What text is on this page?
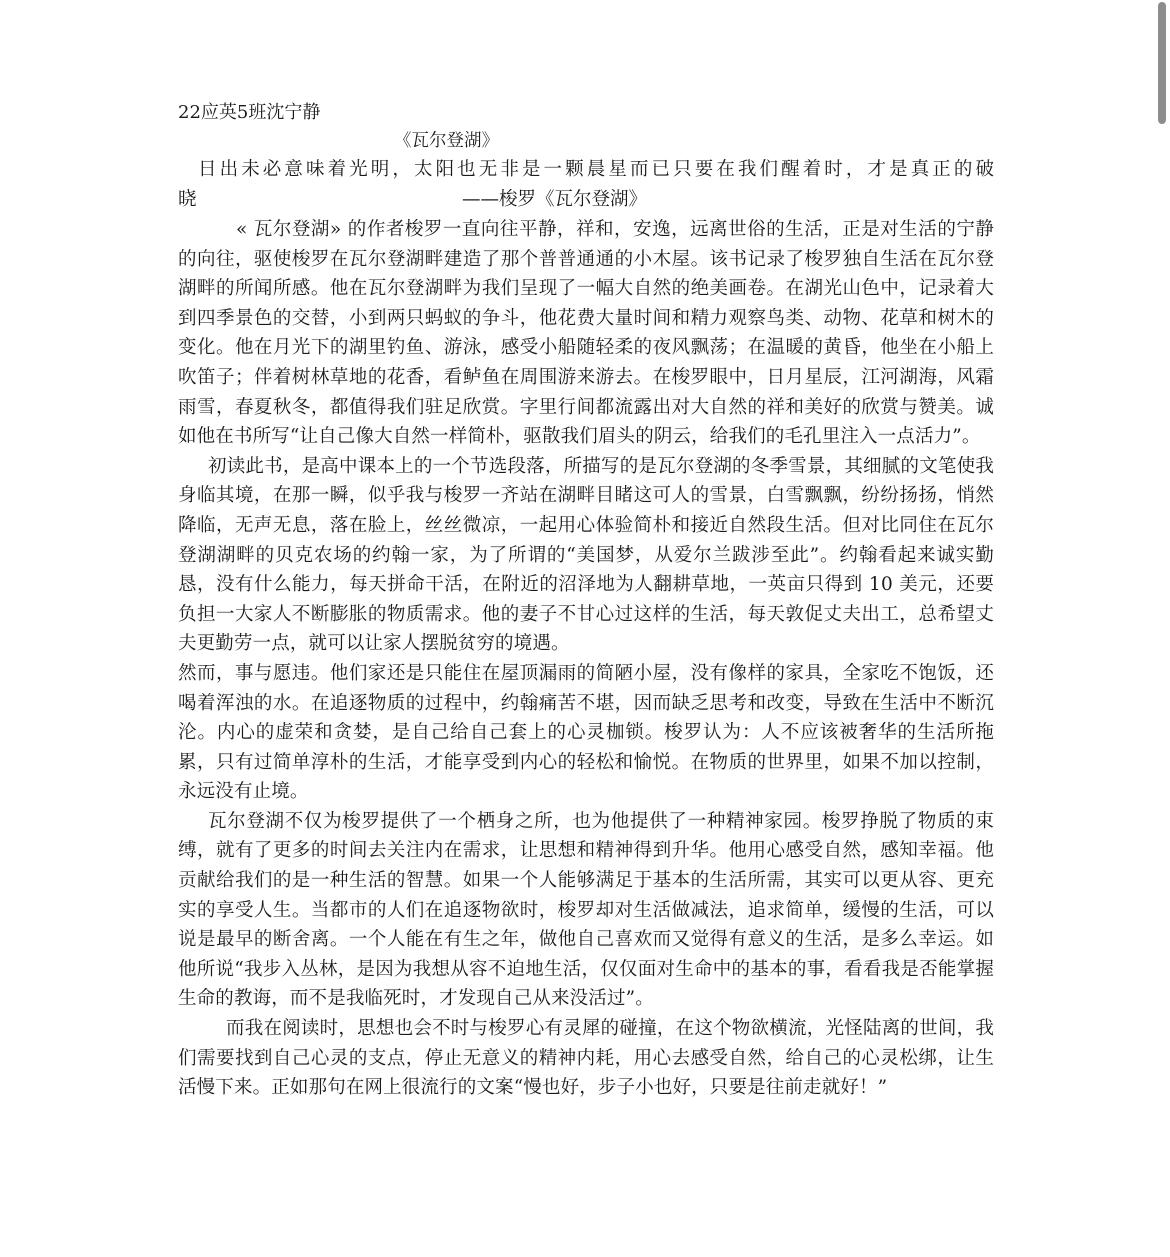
22应英5班沈宁静
《瓦尔登湖》
日出未必意味着光明，太阳也无非是一颗晨星而已只要在我们醒着时，才是真正的破
晓	——梭罗《瓦尔登湖》

« 瓦尔登湖» 的作者梭罗一直向往平静，祥和，安逸，远离世俗的生活，正是对生活的宁静的向往，驱使梭罗在瓦尔登湖畔建造了那个普普通通的小木屋。该书记录了梭罗独自生活在瓦尔登湖畔的所闻所感。他在瓦尔登湖畔为我们呈现了一幅大自然的绝美画卷。在湖光山色中，记录着大到四季景色的交替，小到两只蚂蚁的争斗，他花费大量时间和精力观察鸟类、动物、花草和树木的变化。他在月光下的湖里钓鱼、游泳，感受小船随轻柔的夜风飘荡；在温暖的黄昏，他坐在小船上吹笛子；伴着树林草地的花香，看鲈鱼在周围游来游去。在梭罗眼中，日月星辰，江河湖海，风霜雨雪，春夏秋冬，都值得我们驻足欣赏。字里行间都流露出对大自然的祥和美好的欣赏与赞美。诚如他在书所写“让自己像大自然一样简朴，驱散我们眉头的阴云，给我们的毛孔里注入一点活力”。

初读此书，是高中课本上的一个节选段落，所描写的是瓦尔登湖的冬季雪景，其细腻的文笔使我身临其境，在那一瞬，似乎我与梭罗一齐站在湖畔目睹这可人的雪景，白雪飘飘，纷纷扬扬，悄然降临，无声无息，落在脸上，丝丝微凉，一起用心体验简朴和接近自然段生活。但对比同住在瓦尔登湖湖畔的贝克农场的约翰一家，为了所谓的“美国梦，从爱尔兰跋涉至此”。约翰看起来诚实勤恳，没有什么能力，每天拼命干活，在附近的沼泽地为人翻耕草地，一英亩只得到 10 美元，还要负担一大家人不断膨胀的物质需求。他的妻子不甘心过这样的生活，每天敦促丈夫出工，总希望丈夫更勤劳一点，就可以让家人摆脱贫穷的境遇。

然而，事与愿违。他们家还是只能住在屋顶漏雨的简陋小屋，没有像样的家具，全家吃不饱饭，还喝着浑浊的水。在追逐物质的过程中，约翰痛苦不堪，因而缺乏思考和改变，导致在生活中不断沉沦。内心的虚荣和贪婪，是自己给自己套上的心灵枷锁。梭罗认为：人不应该被奢华的生活所拖累，只有过简单淳朴的生活，才能享受到内心的轻松和愉悦。在物质的世界里，如果不加以控制，永远没有止境。

瓦尔登湖不仅为梭罗提供了一个栖身之所，也为他提供了一种精神家园。梭罗挣脱了物质的束缚，就有了更多的时间去关注内在需求，让思想和精神得到升华。他用心感受自然，感知幸福。他贡献给我们的是一种生活的智慧。如果一个人能够满足于基本的生活所需，其实可以更从容、更充实的享受人生。当都市的人们在追逐物欲时，梭罗却对生活做减法，追求简单，缓慢的生活，可以说是最早的断舍离。一个人能在有生之年，做他自己喜欢而又觉得有意义的生活，是多么幸运。如他所说“我步入丛林，是因为我想从容不迫地生活，仅仅面对生命中的基本的事，看看我是否能掌握生命的教诲，而不是我临死时，才发现自己从来没活过”。

而我在阅读时，思想也会不时与梭罗心有灵犀的碰撞，在这个物欲横流，光怪陆离的世间，我们需要找到自己心灵的支点，停止无意义的精神内耗，用心去感受自然，给自己的心灵松绑，让生活慢下来。正如那句在网上很流行的文案“慢也好，步子小也好，只要是往前走就好！”
